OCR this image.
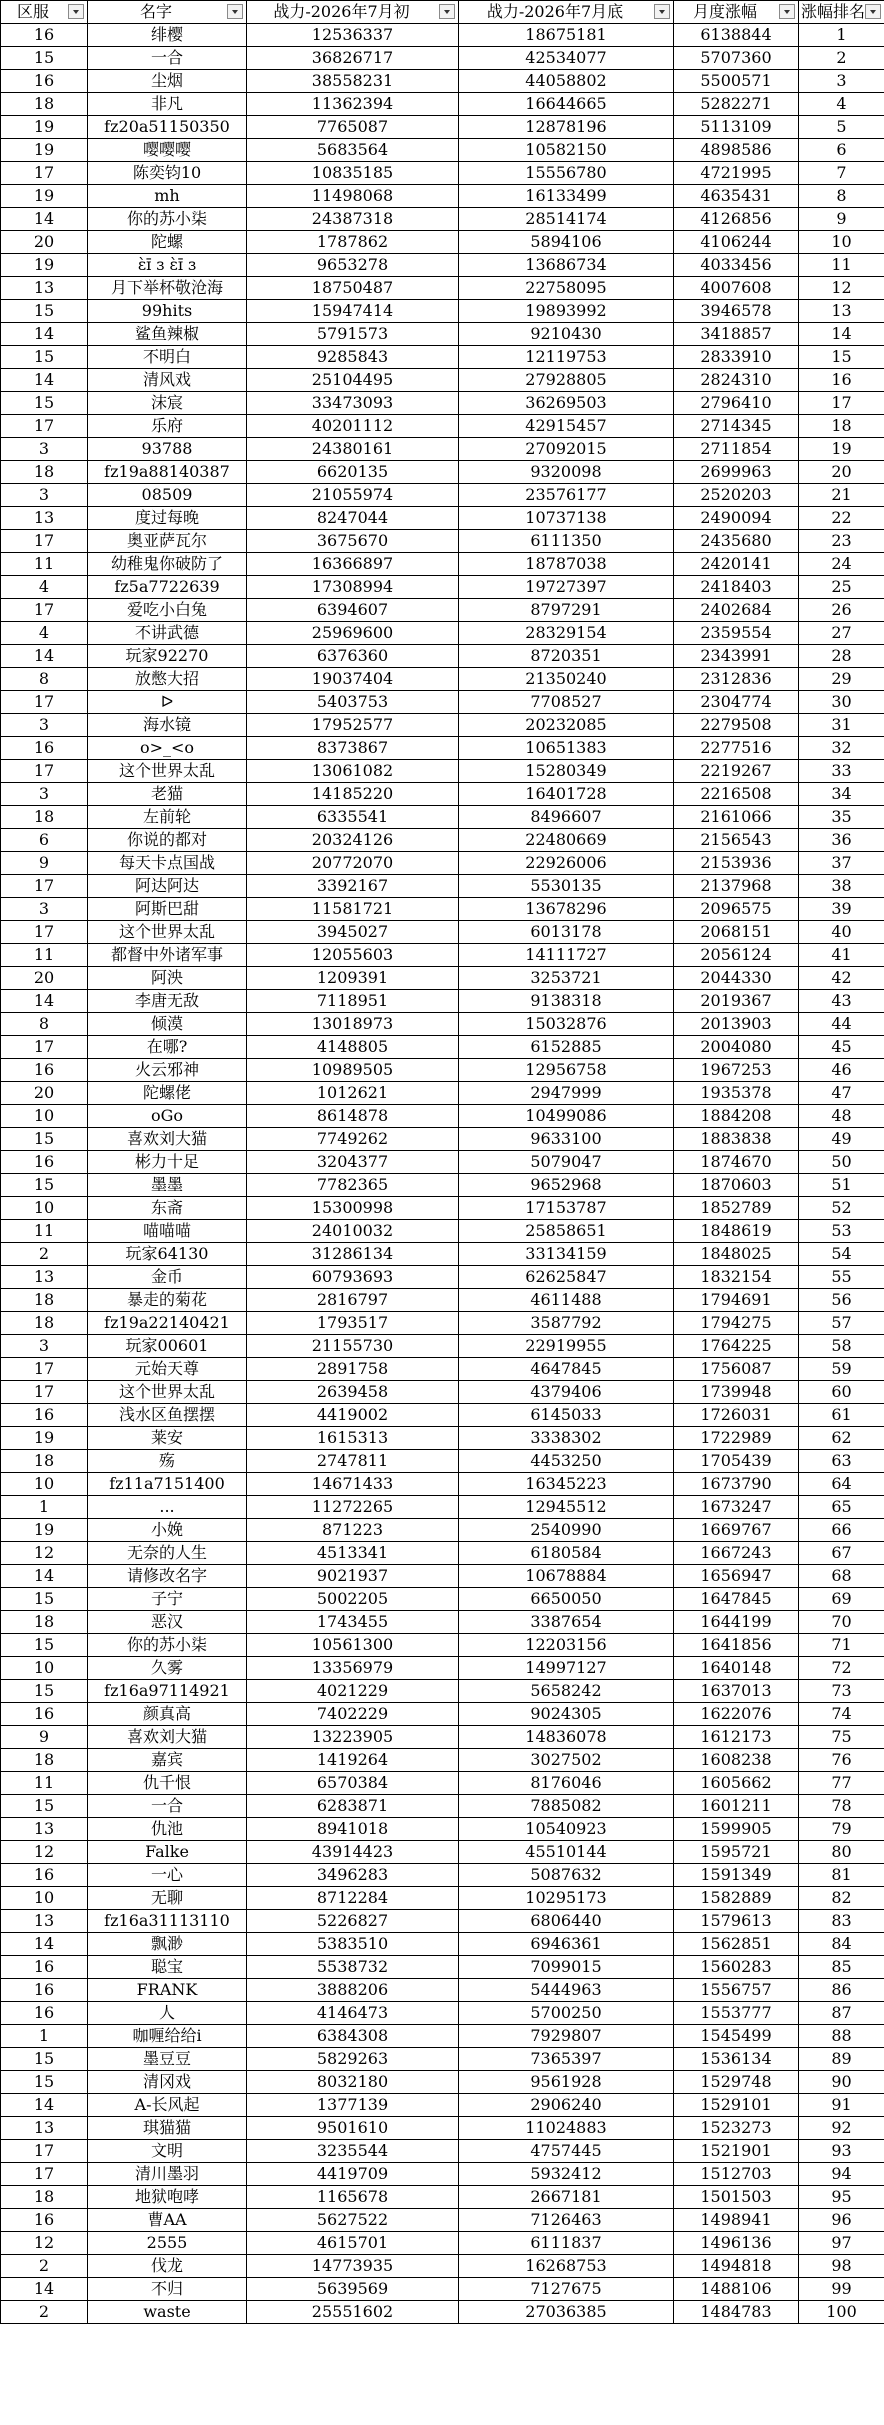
区服	名字	战力-2026年7月初	战力-2026年7月底	月度涨幅	涨幅排名

16	绯樱	12536337	18675181	6138844	1
15	一合	36826717	42534077	5707360	2
16	尘烟	38558231	44058802	5500571	3
18	非凡	11362394	16644665	5282271	4
19	fz20a51150350	7765087	12878196	5113109	5
19	嘤嘤嘤	5683564	10582150	4898586	6
17	陈奕钧10	10835185	15556780	4721995	7
19	mh	11498068	16133499	4635431	8
14	你的苏小柒	24387318	28514174	4126856	9
20	陀螺	1787862	5894106	4106244	10
19	ɛ̀ɪ̄ ɜ ɛ̀ɪ̄ ɜ	9653278	13686734	4033456	11
13	月下举杯敬沧海	18750487	22758095	4007608	12
15	99hits	15947414	19893992	3946578	13
14	鲨鱼辣椒	5791573	9210430	3418857	14
15	不明白	9285843	12119753	2833910	15
14	清风戏	25104495	27928805	2824310	16
15	沫宸	33473093	36269503	2796410	17
17	乐府	40201112	42915457	2714345	18
3	93788	24380161	27092015	2711854	19
18	fz19a88140387	6620135	9320098	2699963	20
3	08509	21055974	23576177	2520203	21
13	度过每晚	8247044	10737138	2490094	22
17	奥亚萨瓦尔	3675670	6111350	2435680	23
11	幼稚鬼你破防了	16366897	18787038	2420141	24
4	fz5a7722639	17308994	19727397	2418403	25
17	爱吃小白兔	6394607	8797291	2402684	26
4	不讲武德	25969600	28329154	2359554	27
14	玩家92270	6376360	8720351	2343991	28
8	放憋大招	19037404	21350240	2312836	29
17	ᐅ	5403753	7708527	2304774	30
3	海水镜	17952577	20232085	2279508	31
16	o>_<o	8373867	10651383	2277516	32
17	这个世界太乱	13061082	15280349	2219267	33
3	老猫	14185220	16401728	2216508	34
18	左前轮	6335541	8496607	2161066	35
6	你说的都对	20324126	22480669	2156543	36
9	每天卡点国战	20772070	22926006	2153936	37
17	阿达阿达	3392167	5530135	2137968	38
3	阿斯巴甜	11581721	13678296	2096575	39
17	这个世界太乱	3945027	6013178	2068151	40
11	都督中外诸军事	12055603	14111727	2056124	41
20	阿泱	1209391	3253721	2044330	42
14	李唐无敌	7118951	9138318	2019367	43
8	倾漠	13018973	15032876	2013903	44
17	在哪?	4148805	6152885	2004080	45
16	火云邪神	10989505	12956758	1967253	46
20	陀螺佬	1012621	2947999	1935378	47
10	oGo	8614878	10499086	1884208	48
15	喜欢刘大猫	7749262	9633100	1883838	49
16	彬力十足	3204377	5079047	1874670	50
15	墨墨	7782365	9652968	1870603	51
10	东斋	15300998	17153787	1852789	52
11	喵喵喵	24010032	25858651	1848619	53
2	玩家64130	31286134	33134159	1848025	54
13	金币	60793693	62625847	1832154	55
18	暴走的菊花	2816797	4611488	1794691	56
18	fz19a22140421	1793517	3587792	1794275	57
3	玩家00601	21155730	22919955	1764225	58
17	元始天尊	2891758	4647845	1756087	59
17	这个世界太乱	2639458	4379406	1739948	60
16	浅水区鱼摆摆	4419002	6145033	1726031	61
19	莱安	1615313	3338302	1722989	62
18	殇	2747811	4453250	1705439	63
10	fz11a7151400	14671433	16345223	1673790	64
1	...	11272265	12945512	1673247	65
19	小娩	871223	2540990	1669767	66
12	无奈的人生	4513341	6180584	1667243	67
14	请修改名字	9021937	10678884	1656947	68
15	子宁	5002205	6650050	1647845	69
18	恶汉	1743455	3387654	1644199	70
15	你的苏小柒	10561300	12203156	1641856	71
10	久雾	13356979	14997127	1640148	72
15	fz16a97114921	4021229	5658242	1637013	73
16	颜真高	7402229	9024305	1622076	74
9	喜欢刘大猫	13223905	14836078	1612173	75
18	嘉宾	1419264	3027502	1608238	76
11	仇千恨	6570384	8176046	1605662	77
15	一合	6283871	7885082	1601211	78
13	仇池	8941018	10540923	1599905	79
12	Falke	43914423	45510144	1595721	80
16	一心	3496283	5087632	1591349	81
10	无聊	8712284	10295173	1582889	82
13	fz16a31113110	5226827	6806440	1579613	83
14	飘渺	5383510	6946361	1562851	84
16	聪宝	5538732	7099015	1560283	85
16	FRANK	3888206	5444963	1556757	86
16	人	4146473	5700250	1553777	87
1	咖喱给给i	6384308	7929807	1545499	88
15	墨豆豆	5829263	7365397	1536134	89
15	清冈戏	8032180	9561928	1529748	90
14	A-长风起	1377139	2906240	1529101	91
13	琪猫猫	9501610	11024883	1523273	92
17	文明	3235544	4757445	1521901	93
17	清川墨羽	4419709	5932412	1512703	94
18	地狱咆哮	1165678	2667181	1501503	95
16	曹AA	5627522	7126463	1498941	96
12	2555	4615701	6111837	1496136	97
2	伐龙	14773935	16268753	1494818	98
14	不归	5639569	7127675	1488106	99
2	waste	25551602	27036385	1484783	100
